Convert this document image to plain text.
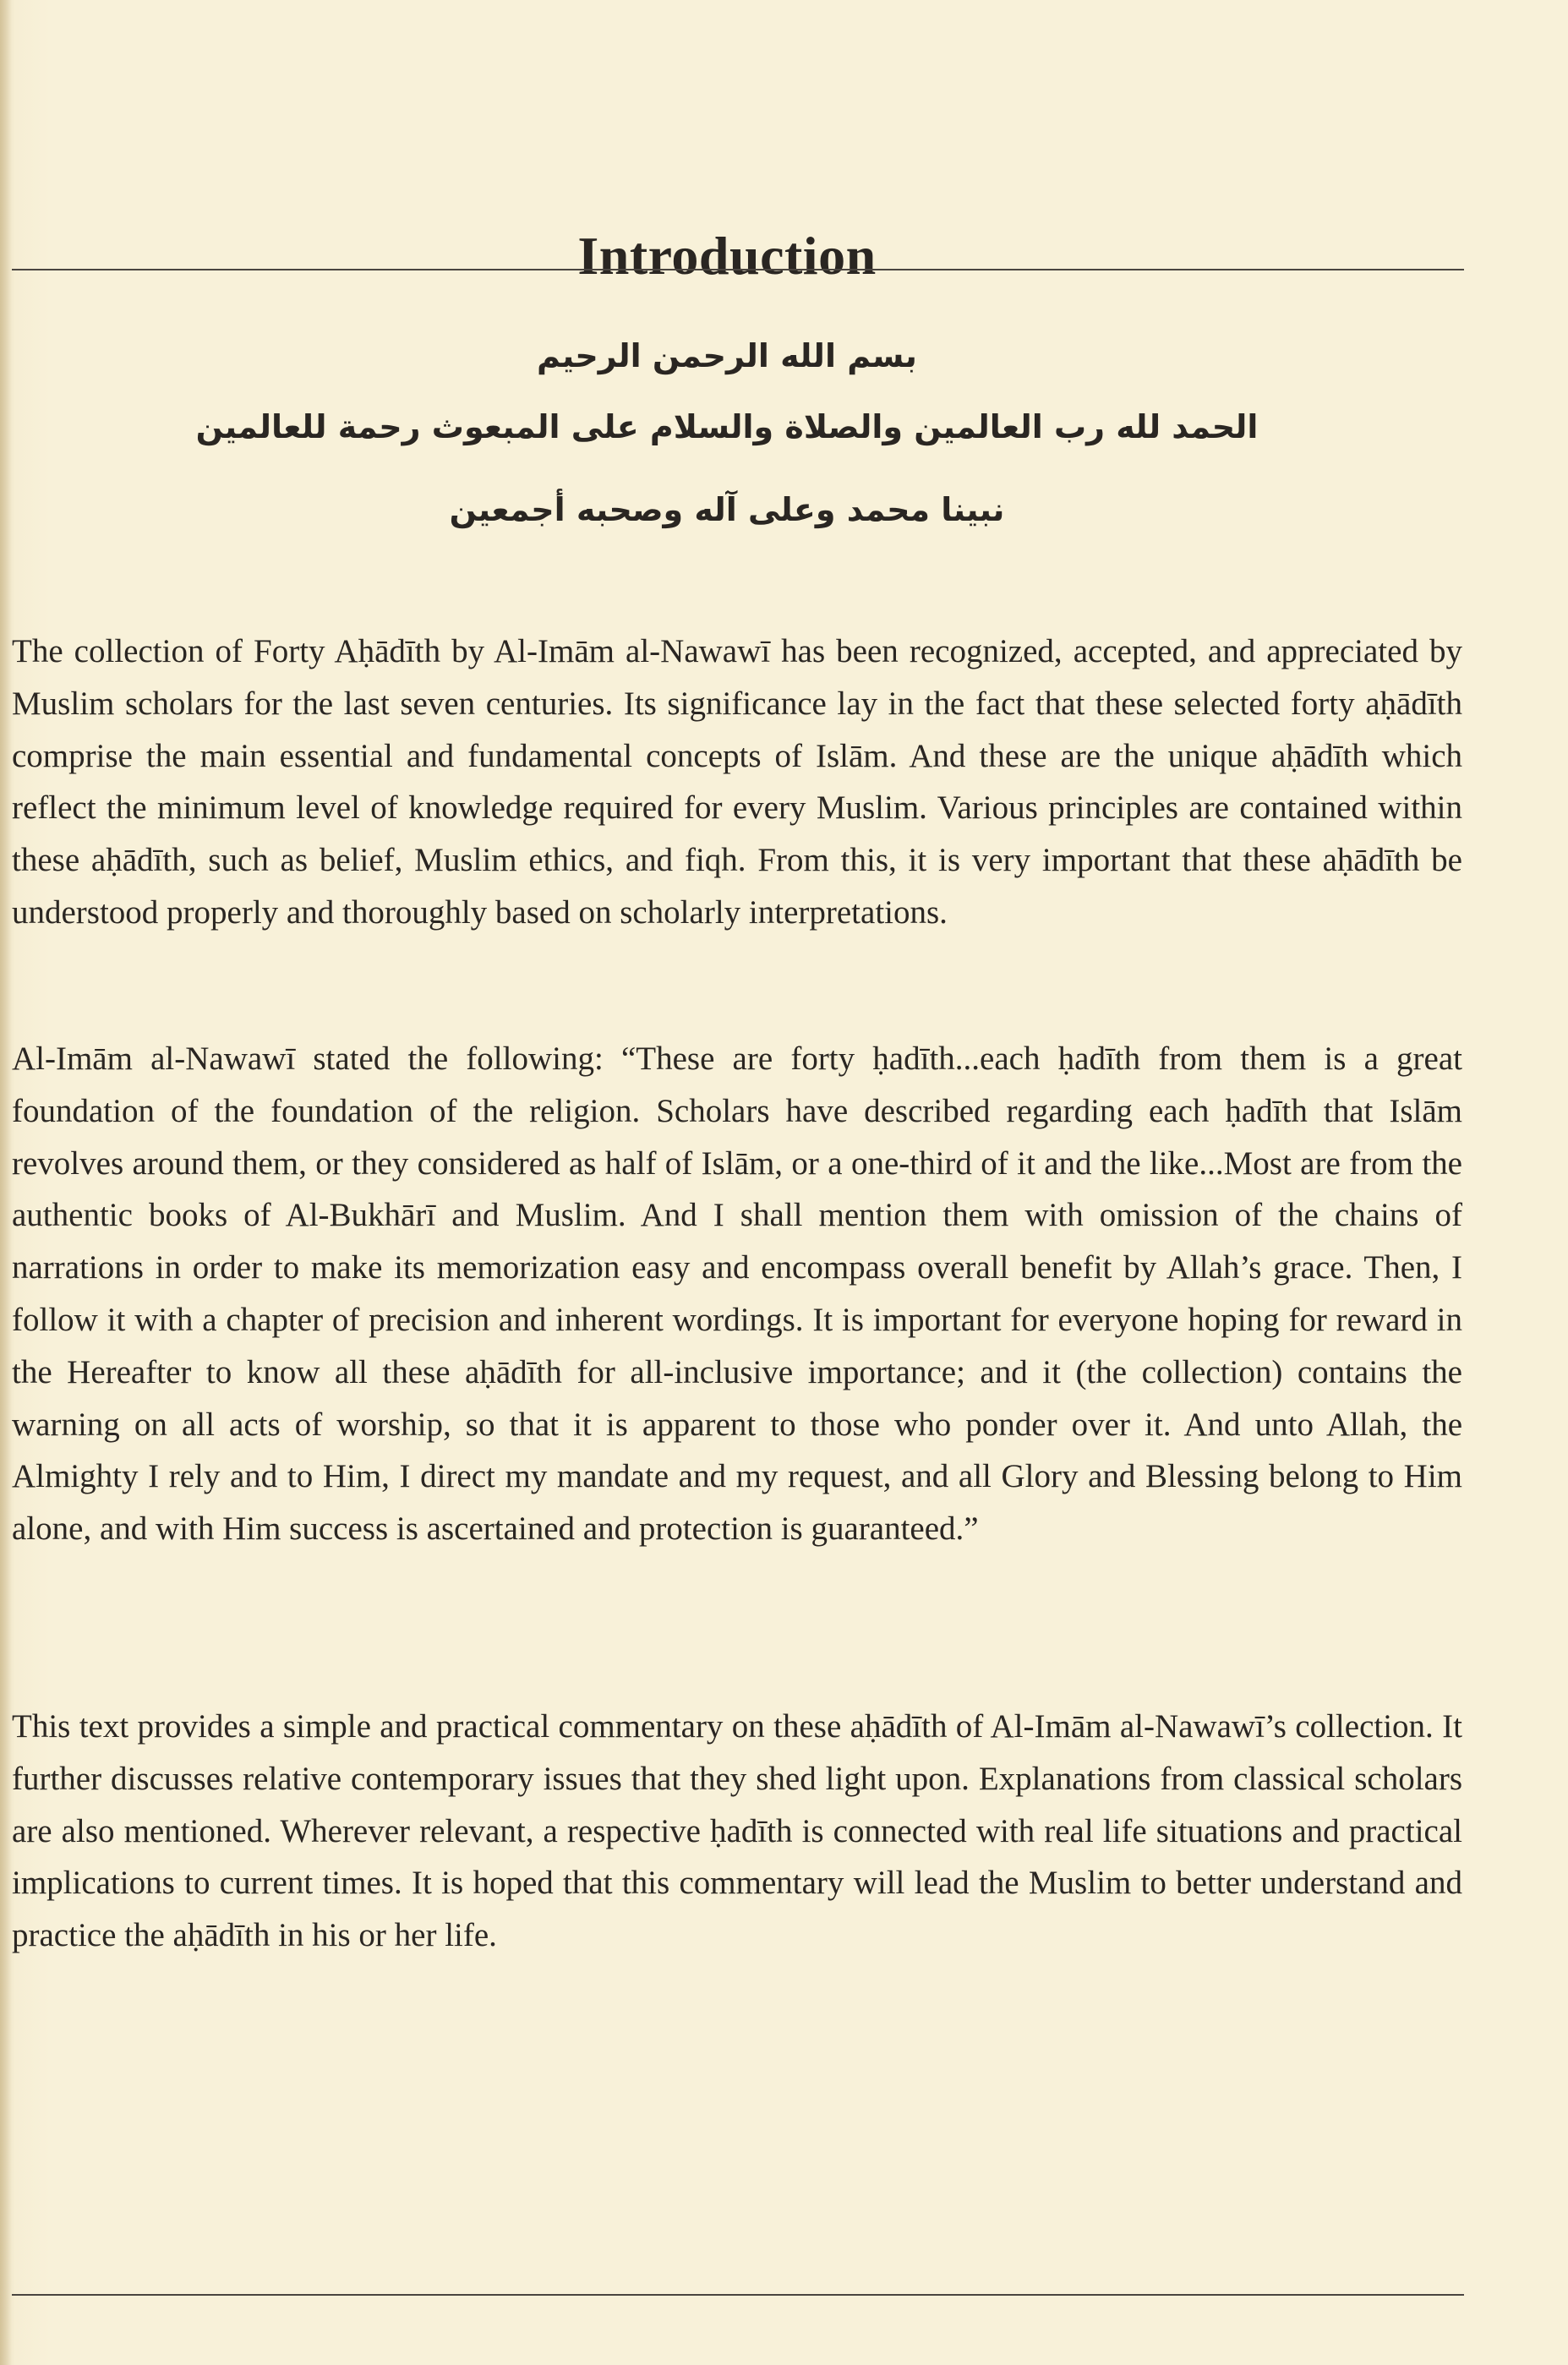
Introduction
بسم الله الرحمن الرحيم
الحمد لله رب العالمين والصلاة والسلام على المبعوث رحمة للعالمين
نبينا محمد وعلى آله وصحبه أجمعين

The collection of Forty Aḥādīth by Al-Imām al-Nawawī has been recognized, accepted, and appreciated by Muslim scholars for the last seven centuries. Its significance lay in the fact that these selected forty aḥādīth comprise the main essential and fundamental concepts of Islām. And these are the unique aḥādīth which reflect the minimum level of knowledge required for every Muslim. Various principles are contained within these aḥādīth, such as belief, Muslim ethics, and fiqh. From this, it is very important that these aḥādīth be understood properly and thoroughly based on scholarly interpretations.

Al-Imām al-Nawawī stated the following: “These are forty ḥadīth...each ḥadīth from them is a great foundation of the foundation of the religion. Scholars have described regarding each ḥadīth that Islām revolves around them, or they considered as half of Islām, or a one-third of it and the like...Most are from the authentic books of Al-Bukhārī and Muslim. And I shall mention them with omission of the chains of narrations in order to make its memorization easy and encompass overall benefit by Allah’s grace. Then, I follow it with a chapter of precision and inherent wordings. It is important for everyone hoping for reward in the Hereafter to know all these aḥādīth for all-inclusive importance; and it (the collection) contains the warning on all acts of worship, so that it is apparent to those who ponder over it. And unto Allah, the Almighty I rely and to Him, I direct my mandate and my request, and all Glory and Blessing belong to Him alone, and with Him success is ascertained and protection is guaranteed.”

This text provides a simple and practical commentary on these aḥādīth of Al-Imām al-Nawawī’s collection. It further discusses relative contemporary issues that they shed light upon. Explanations from classical scholars are also mentioned. Wherever relevant, a respective ḥadīth is connected with real life situations and practical implications to current times. It is hoped that this commentary will lead the Muslim to better understand and practice the aḥādīth in his or her life.
